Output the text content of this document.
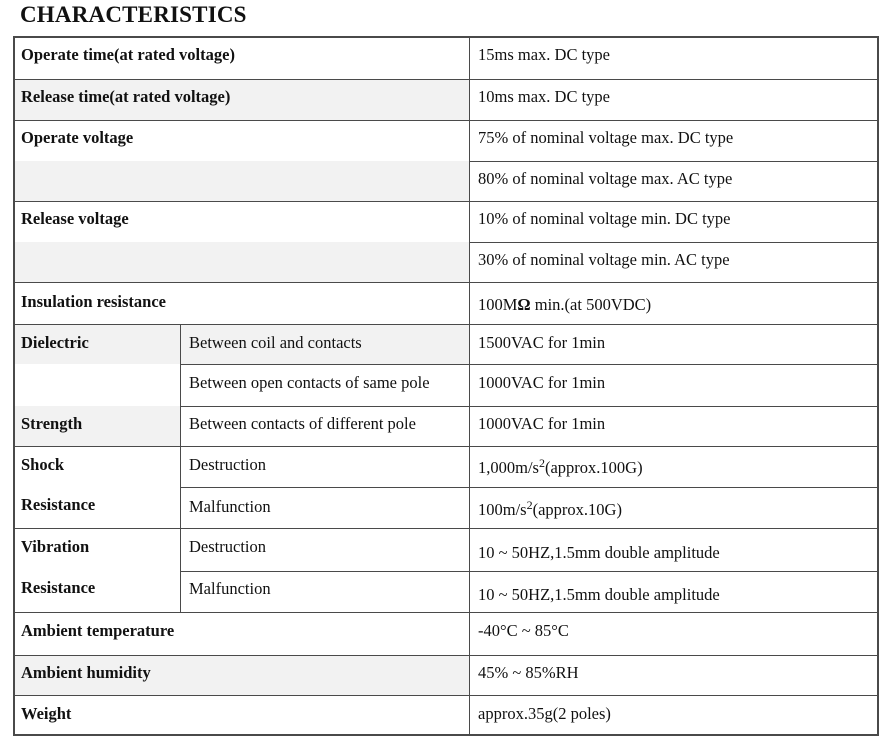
CHARACTERISTICS
Operate time(at rated voltage)	15ms max. DC type
Release time(at rated voltage)	10ms max. DC type
Operate voltage	75% of nominal voltage max. DC type
80% of nominal voltage max. AC type
Release voltage	10% of nominal voltage min. DC type
30% of nominal voltage min. AC type
Insulation resistance	100MΩ min.(at 500VDC)
Dielectric
Strength
Between coil and contacts	1500VAC for 1min
Between open contacts of same pole	1000VAC for 1min
Between contacts of different pole	1000VAC for 1min
Shock
Resistance
Destruction	$1,000m/s^2(approx.100G)$
Malfunction	$100m/s^2(approx.10G)$
Vibration
Resistance
Destruction	10 ~ 50HZ,1.5mm double amplitude
Malfunction	10 ~ 50HZ,1.5mm double amplitude
Ambient temperature	-40°C ~ 85°C
Ambient humidity	45% ~ 85%RH
Weight	approx.35g(2 poles)
